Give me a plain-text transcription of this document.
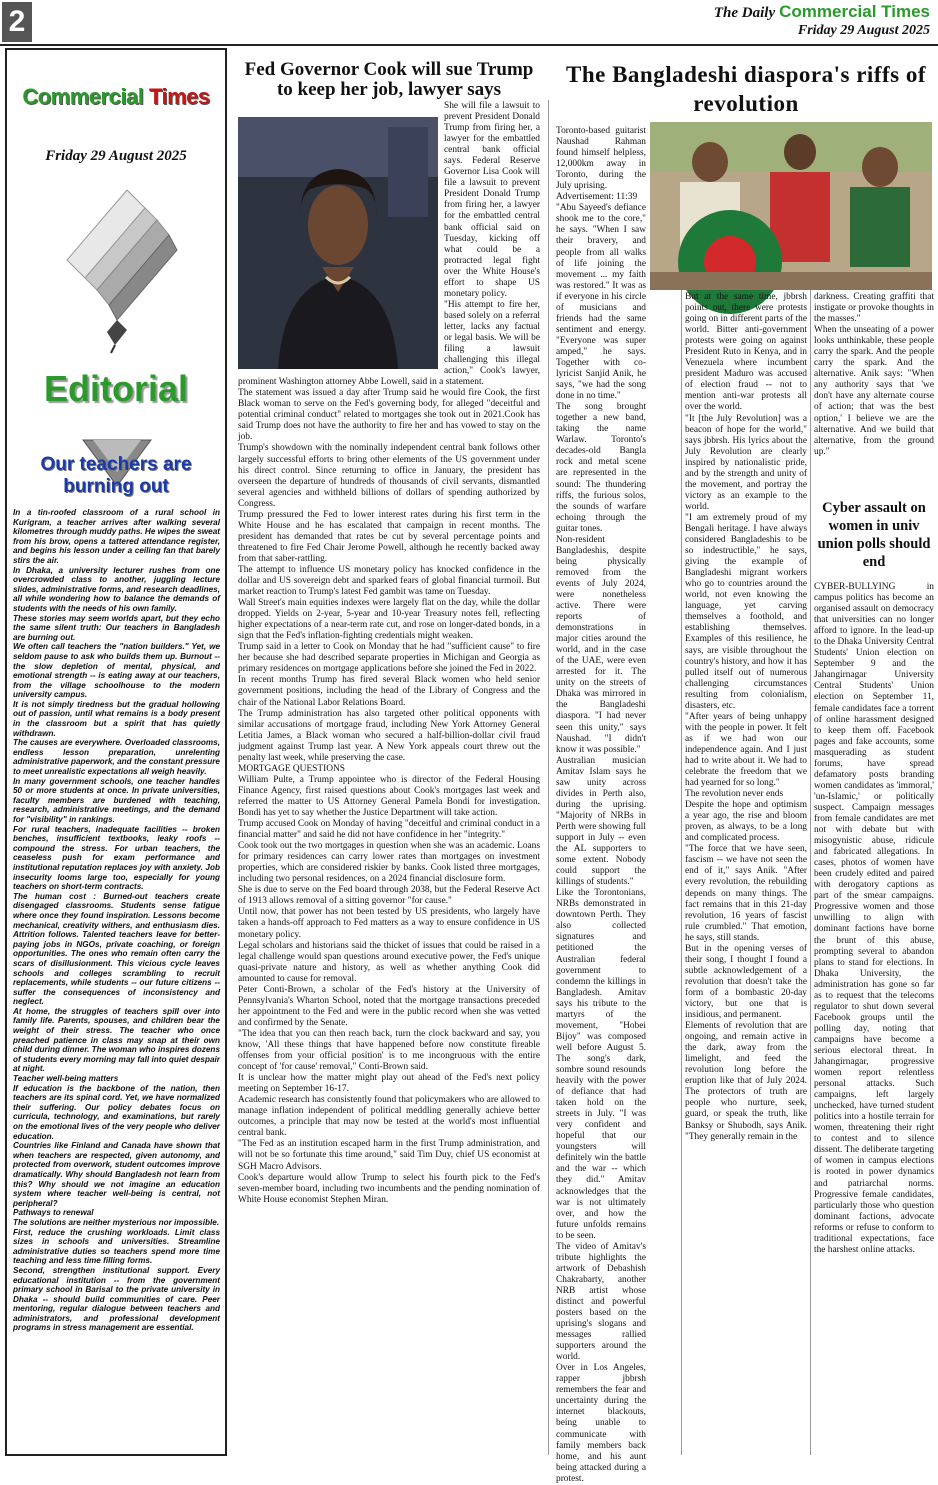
2	The Daily Commercial Times
Friday 29 August 2025
Commercial Times
Friday 29 August 2025
Editorial
Our teachers are burning out

In a tin-roofed classroom of a rural school in Kurigram, a teacher arrives after walking several kilometres through muddy paths. He wipes the sweat from his brow, opens a tattered attendance register, and begins his lesson under a ceiling fan that barely stirs the air.

In Dhaka, a university lecturer rushes from one overcrowded class to another, juggling lecture slides, administrative forms, and research deadlines, all while wondering how to balance the demands of students with the needs of his own family.

These stories may seem worlds apart, but they echo the same silent truth: Our teachers in Bangladesh are burning out.

We often call teachers the "nation builders." Yet, we seldom pause to ask who builds them up. Burnout -- the slow depletion of mental, physical, and emotional strength -- is eating away at our teachers, from the village schoolhouse to the modern university campus.

It is not simply tiredness but the gradual hollowing out of passion, until what remains is a body present in the classroom but a spirit that has quietly withdrawn.

The causes are everywhere. Overloaded classrooms, endless lesson preparation, unrelenting administrative paperwork, and the constant pressure to meet unrealistic expectations all weigh heavily.

In many government schools, one teacher handles 50 or more students at once. In private universities, faculty members are burdened with teaching, research, administrative meetings, and the demand for "visibility" in rankings.

For rural teachers, inadequate facilities -- broken benches, insufficient textbooks, leaky roofs -- compound the stress. For urban teachers, the ceaseless push for exam performance and institutional reputation replaces joy with anxiety. Job insecurity looms large too, especially for young teachers on short-term contracts.

The human cost : Burned-out teachers create disengaged classrooms. Students sense fatigue where once they found inspiration. Lessons become mechanical, creativity withers, and enthusiasm dies. Attrition follows. Talented teachers leave for better-paying jobs in NGOs, private coaching, or foreign opportunities. The ones who remain often carry the scars of disillusionment. This vicious cycle leaves schools and colleges scrambling to recruit replacements, while students -- our future citizens -- suffer the consequences of inconsistency and neglect.

At home, the struggles of teachers spill over into family life. Parents, spouses, and children bear the weight of their stress. The teacher who once preached patience in class may snap at their own child during dinner. The woman who inspires dozens of students every morning may fall into quiet despair at night.

Teacher well-being matters

If education is the backbone of the nation, then teachers are its spinal cord. Yet, we have normalized their suffering. Our policy debates focus on curricula, technology, and examinations, but rarely on the emotional lives of the very people who deliver education.

Countries like Finland and Canada have shown that when teachers are respected, given autonomy, and protected from overwork, student outcomes improve dramatically. Why should Bangladesh not learn from this? Why should we not imagine an education system where teacher well-being is central, not peripheral?

Pathways to renewal

The solutions are neither mysterious nor impossible.

First, reduce the crushing workloads. Limit class sizes in schools and universities. Streamline administrative duties so teachers spend more time teaching and less time filling forms.

Second, strengthen institutional support. Every educational institution -- from the government primary school in Barisal to the private university in Dhaka -- should build communities of care. Peer mentoring, regular dialogue between teachers and administrators, and professional development programs in stress management are essential.

Fed Governor Cook will sue Trump to keep her job, lawyer says

She will file a lawsuit to prevent President Donald Trump from firing her, a lawyer for the embattled central bank official says. Federal Reserve Governor Lisa Cook will file a lawsuit to prevent President Donald Trump from firing her, a lawyer for the embattled central bank official said on Tuesday, kicking off what could be a protracted legal fight over the White House's effort to shape US monetary policy.

"His attempt to fire her, based solely on a referral letter, lacks any factual or legal basis. We will be filing a lawsuit challenging this illegal action," Cook's lawyer, prominent Washington attorney Abbe Lowell, said in a statement.

The statement was issued a day after Trump said he would fire Cook, the first Black woman to serve on the Fed's governing body, for alleged "deceitful and potential criminal conduct" related to mortgages she took out in 2021.Cook has said Trump does not have the authority to fire her and has vowed to stay on the job.

Trump's showdown with the nominally independent central bank follows other largely successful efforts to bring other elements of the US government under his direct control. Since returning to office in January, the president has overseen the departure of hundreds of thousands of civil servants, dismantled several agencies and withheld billions of dollars of spending authorized by Congress.

Trump pressured the Fed to lower interest rates during his first term in the White House and he has escalated that campaign in recent months. The president has demanded that rates be cut by several percentage points and threatened to fire Fed Chair Jerome Powell, although he recently backed away from that saber-rattling.

The attempt to influence US monetary policy has knocked confidence in the dollar and US sovereign debt and sparked fears of global financial turmoil. But market reaction to Trump's latest Fed gambit was tame on Tuesday.

Wall Street's main equities indexes were largely flat on the day, while the dollar dropped. Yields on 2-year, 5-year and 10-year Treasury notes fell, reflecting higher expectations of a near-term rate cut, and rose on longer-dated bonds, in a sign that the Fed's inflation-fighting credentials might weaken.

Trump said in a letter to Cook on Monday that he had "sufficient cause" to fire her because she had described separate properties in Michigan and Georgia as primary residences on mortgage applications before she joined the Fed in 2022.

In recent months Trump has fired several Black women who held senior government positions, including the head of the Library of Congress and the chair of the National Labor Relations Board.

The Trump administration has also targeted other political opponents with similar accusations of mortgage fraud, including New York Attorney General Letitia James, a Black woman who secured a half-billion-dollar civil fraud judgment against Trump last year. A New York appeals court threw out the penalty last week, while preserving the case.

MORTGAGE QUESTIONS

William Pulte, a Trump appointee who is director of the Federal Housing Finance Agency, first raised questions about Cook's mortgages last week and referred the matter to US Attorney General Pamela Bondi for investigation. Bondi has yet to say whether the Justice Department will take action.

Trump accused Cook on Monday of having "deceitful and criminal conduct in a financial matter" and said he did not have confidence in her "integrity."

Cook took out the two mortgages in question when she was an academic. Loans for primary residences can carry lower rates than mortgages on investment properties, which are considered riskier by banks. Cook listed three mortgages, including two personal residences, on a 2024 financial disclosure form.

She is due to serve on the Fed board through 2038, but the Federal Reserve Act of 1913 allows removal of a sitting governor "for cause."

Until now, that power has not been tested by US presidents, who largely have taken a hands-off approach to Fed matters as a way to ensure confidence in US monetary policy.

Legal scholars and historians said the thicket of issues that could be raised in a legal challenge would span questions around executive power, the Fed's unique quasi-private nature and history, as well as whether anything Cook did amounted to cause for removal.

Peter Conti-Brown, a scholar of the Fed's history at the University of Pennsylvania's Wharton School, noted that the mortgage transactions preceded her appointment to the Fed and were in the public record when she was vetted and confirmed by the Senate.

"The idea that you can then reach back, turn the clock backward and say, you know, 'All these things that have happened before now constitute fireable offenses from your official position' is to me incongruous with the entire concept of 'for cause' removal," Conti-Brown said.

It is unclear how the matter might play out ahead of the Fed's next policy meeting on September 16-17.

Academic research has consistently found that policymakers who are allowed to manage inflation independent of political meddling generally achieve better outcomes, a principle that may now be tested at the world's most influential central bank.

"The Fed as an institution escaped harm in the first Trump administration, and will not be so fortunate this time around," said Tim Duy, chief US economist at SGH Macro Advisors.

Cook's departure would allow Trump to select his fourth pick to the Fed's seven-member board, including two incumbents and the pending nomination of White House economist Stephen Miran.

The Bangladeshi diaspora's riffs of revolution

Toronto-based guitarist Naushad Rahman found himself helpless, 12,000km away in Toronto, during the July uprising.

Advertisement: 11:39

"Abu Sayeed's defiance shook me to the core," he says. "When I saw their bravery, and people from all walks of life joining the movement ... my faith was restored." It was as if everyone in his circle of musicians and friends had the same sentiment and energy. "Everyone was super amped," he says. Together with co-lyricist Sanjid Anik, he says, "we had the song done in no time."

The song brought together a new band, taking the name Warlaw. Toronto's decades-old Bangla rock and metal scene are represented in the sound: The thundering riffs, the furious solos, the sounds of warfare echoing through the guitar tones.

Non-resident Bangladeshis, despite being physically removed from the events of July 2024, were nonetheless active. There were reports of demonstrations in major cities around the world, and in the case of the UAE, were even arrested for it. The unity on the streets of Dhaka was mirrored in the Bangladeshi diaspora. "I had never seen this unity," says Naushad. "I didn't know it was possible."

Australian musician Amitav Islam says he saw unity across divides in Perth also, during the uprising. "Majority of NRBs in Perth were showing full support in July -- even the AL supporters to some extent. Nobody could support the killings of students."

Like the Torontonians, NRBs demonstrated in downtown Perth. They also collected signatures and petitioned the Australian federal government to condemn the killings in Bangladesh. Amitav says his tribute to the martyrs of the movement, "Hobei Bijoy" was composed well before August 5. The song's dark, sombre sound resounds heavily with the power of defiance that had taken hold on the streets in July. "I was very confident and hopeful that our youngsters will definitely win the battle and the war -- which they did." Amitav acknowledges that the war is not ultimately over, and how the future unfolds remains to be seen.

The video of Amitav's tribute highlights the artwork of Debashish Chakrabarty, another NRB artist whose distinct and powerful posters based on the uprising's slogans and messages rallied supporters around the world.

Over in Los Angeles, rapper jbbrsh remembers the fear and uncertainty during the internet blackouts, being unable to communicate with family members back home, and his aunt being attacked during a protest.

But at the same time, jbbrsh points out, there were protests going on in different parts of the world. Bitter anti-government protests were going on against President Ruto in Kenya, and in Venezuela where incumbent president Maduro was accused of election fraud -- not to mention anti-war protests all over the world.

"It [the July Revolution] was a beacon of hope for the world," says jbbrsh. His lyrics about the July Revolution are clearly inspired by nationalistic pride, and by the strength and unity of the movement, and portray the victory as an example to the world.

"I am extremely proud of my Bengali heritage. I have always considered Bangladeshis to be so indestructible," he says, giving the example of Bangladeshi migrant workers who go to countries around the world, not even knowing the language, yet carving themselves a foothold, and establishing themselves. Examples of this resilience, he says, are visible throughout the country's history, and how it has pulled itself out of numerous challenging circumstances resulting from colonialism, disasters, etc.

"After years of being unhappy with the people in power. It felt as if we had won our independence again. And I just had to write about it. We had to celebrate the freedom that we had yearned for so long."

The revolution never ends

Despite the hope and optimism a year ago, the rise and bloom proven, as always, to be a long and complicated process.

"The force that we have seen, fascism -- we have not seen the end of it," says Anik. "After every revolution, the rebuilding depends on many things. The fact remains that in this 21-day revolution, 16 years of fascist rule crumbled." That emotion, he says, still stands.

But in the opening verses of their song, I thought I found a subtle acknowledgement of a revolution that doesn't take the form of a bombastic 20-day victory, but one that is insidious, and permanent.

Elements of revolution that are ongoing, and remain active in the dark, away from the limelight, and feed the revolution long before the eruption like that of July 2024. The protectors of truth are people who nurture, seek, guard, or speak the truth, like Banksy or Shubodh, says Anik. "They generally remain in the

darkness. Creating graffiti that instigate or provoke thoughts in the masses."

When the unseating of a power looks unthinkable, these people carry the spark. And the people carry the spark. And the alternative. Anik says: "When any authority says that 'we don't have any alternate course of action; that was the best option,' I believe we are the alternative. And we build that alternative, from the ground up."

Cyber assault on women in univ union polls should end

CYBER-BULLYING in campus politics has become an organised assault on democracy that universities can no longer afford to ignore. In the lead-up to the Dhaka University Central Students' Union election on September 9 and the Jahangirnagar University Central Students' Union election on September 11, female candidates face a torrent of online harassment designed to keep them off. Facebook pages and fake accounts, some masquerading as student forums, have spread defamatory posts branding women candidates as 'immoral,' 'un-Islamic,' or politically suspect. Campaign messages from female candidates are met not with debate but with misogynistic abuse, ridicule and fabricated allegations. In cases, photos of women have been crudely edited and paired with derogatory captions as part of the smear campaigns. Progressive women and those unwilling to align with dominant factions have borne the brunt of this abuse, prompting several to abandon plans to stand for elections. In Dhaka University, the administration has gone so far as to request that the telecoms regulator to shut down several Facebook groups until the polling day, noting that campaigns have become a serious electoral threat. In Jahangirnagar, progressive women report relentless personal attacks. Such campaigns, left largely unchecked, have turned student politics into a hostile terrain for women, threatening their right to contest and to silence dissent. The deliberate targeting of women in campus elections is rooted in power dynamics and patriarchal norms. Progressive female candidates, particularly those who question dominant factions, advocate reforms or refuse to conform to traditional expectations, face the harshest online attacks.
